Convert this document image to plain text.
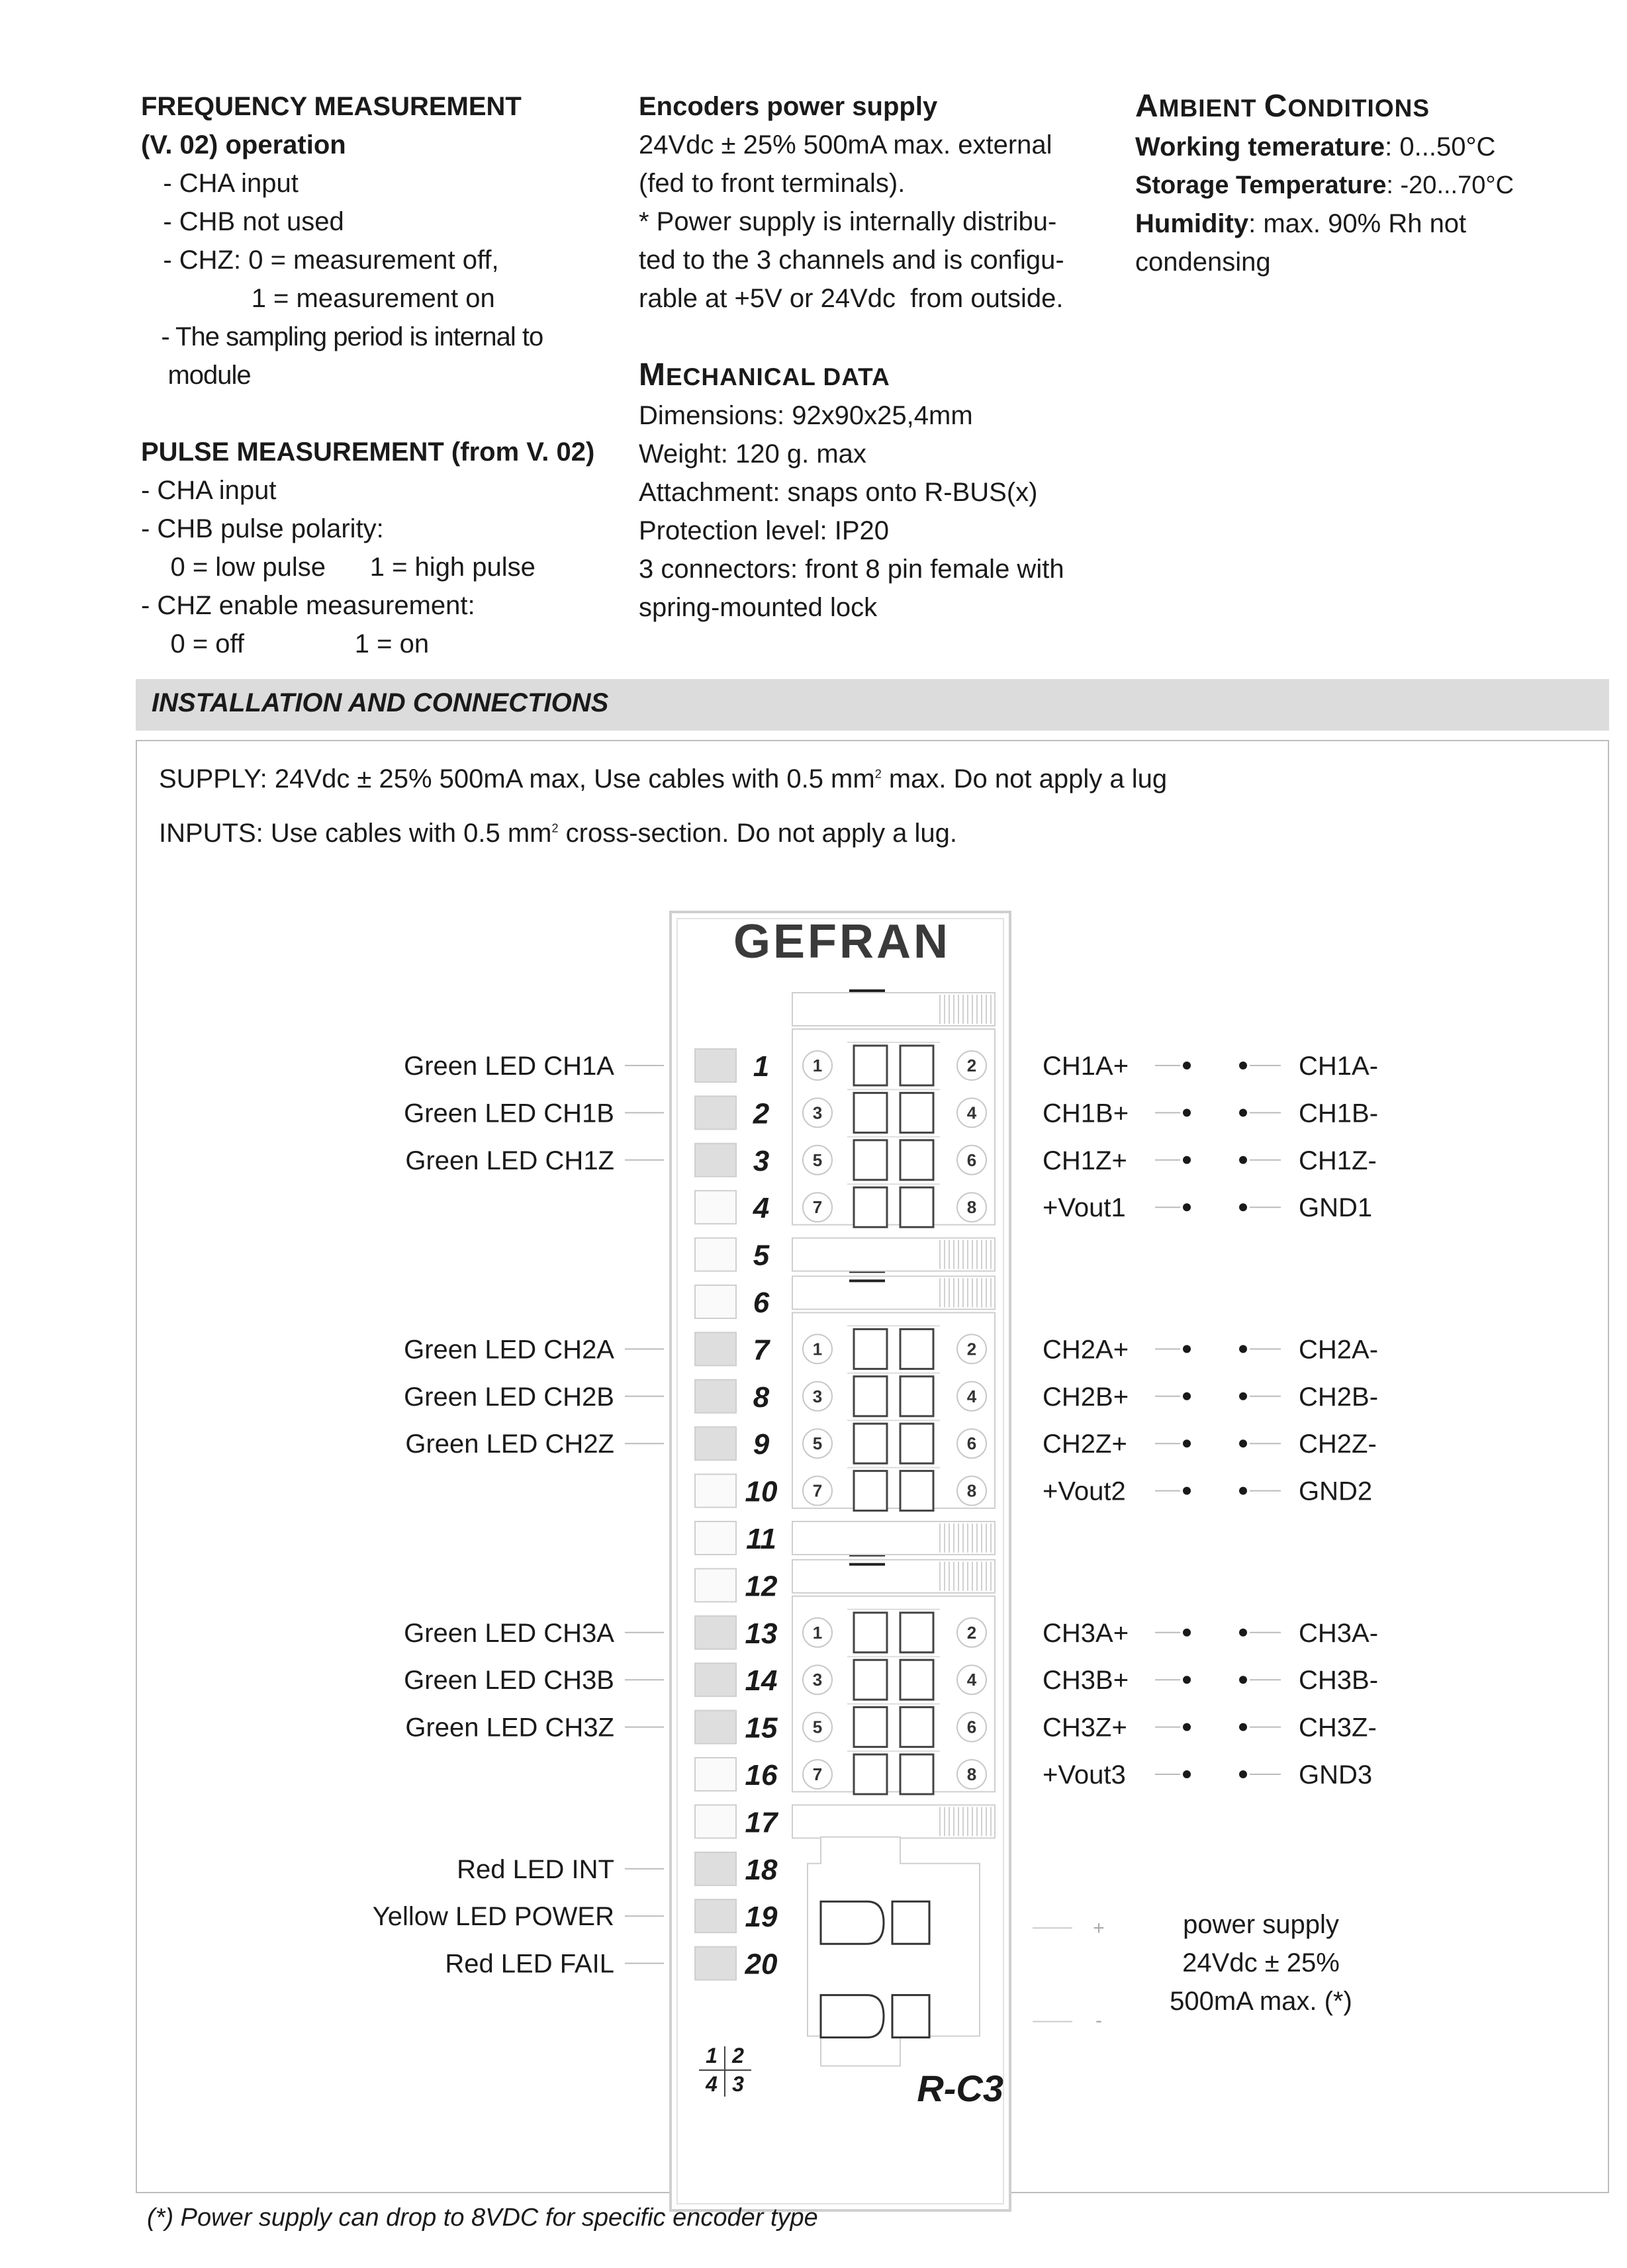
FREQUENCY MEASUREMENT
(V. 02) operation
- CHA input
- CHB not used
- CHZ: 0 = measurement off,
1 = measurement on
- The sampling period is internal to
module
PULSE MEASUREMENT (from V. 02)
- CHA input
- CHB pulse polarity:
0 = low pulse      1 = high pulse
- CHZ enable measurement:
0 = off               1 = on
Encoders power supply
24Vdc ± 25% 500mA max. external
(fed to front terminals).
* Power supply is internally distribu-
ted to the 3 channels and is configu-
rable at +5V or 24Vdc  from outside.
MECHANICAL DATA
Dimensions: 92x90x25,4mm
Weight: 120 g. max
Attachment: snaps onto R-BUS(x)
Protection level: IP20
3 connectors: front 8 pin female with
spring-mounted lock
AMBIENT CONDITIONS
Working temerature: 0...50°C
Storage Temperature: -20...70°C
Humidity: max. 90% Rh not
condensing
INSTALLATION AND CONNECTIONS
SUPPLY: 24Vdc ± 25% 500mA max, Use cables with 0.5 $mm^2$ max. Do not apply a lug
INPUTS: Use cables with 0.5 $mm^2$ cross-section. Do not apply a lug.
GEFRAN
1
2
3
4
5
6
7
8
9
10
11
12
13
14
15
16
17
18
19
20
Green LED CH1A
Green LED CH1B
Green LED CH1Z
Green LED CH2A
Green LED CH2B
Green LED CH2Z
Green LED CH3A
Green LED CH3B
Green LED CH3Z
Red LED INT
Yellow LED POWER
Red LED FAIL
1	2
3	4
5	6
7	8
1	2
3	4
5	6
7	8
1	2
3	4
5	6
7	8
+
-
power supply
24Vdc ± 25%
500mA max. (*)
CH1A+	CH1A-
CH1B+	CH1B-
CH1Z+	CH1Z-
+Vout1	GND1
CH2A+	CH2A-
CH2B+	CH2B-
CH2Z+	CH2Z-
+Vout2	GND2
CH3A+	CH3A-
CH3B+	CH3B-
CH3Z+	CH3Z-
+Vout3	GND3
1 2
4 3	R-C3
(*) Power supply can drop to 8VDC for specific encoder type
